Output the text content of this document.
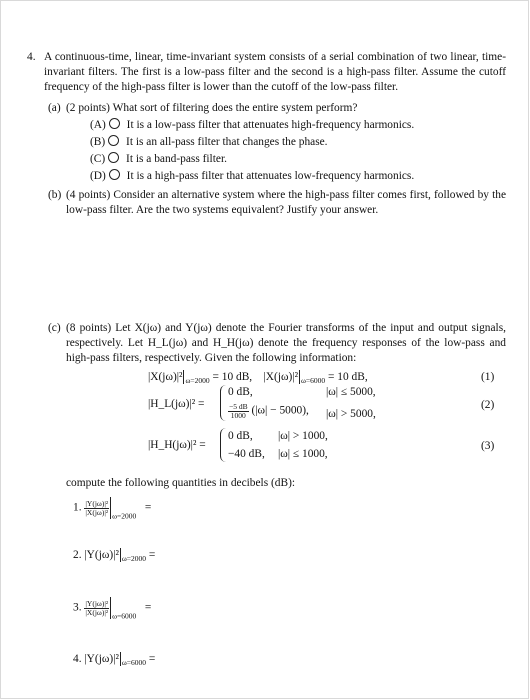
4. A continuous-time, linear, time-invariant system consists of a serial combination of two linear, time-invariant filters. The first is a low-pass filter and the second is a high-pass filter. Assume the cutoff frequency of the high-pass filter is lower than the cutoff of the low-pass filter.
(a) (2 points) What sort of filtering does the entire system perform?
(A) It is a low-pass filter that attenuates high-frequency harmonics.
(B) It is an all-pass filter that changes the phase.
(C) It is a band-pass filter.
(D) It is a high-pass filter that attenuates low-frequency harmonics.
(b) (4 points) Consider an alternative system where the high-pass filter comes first, followed by the low-pass filter. Are the two systems equivalent? Justify your answer.
(c) (8 points) Let X(jω) and Y(jω) denote the Fourier transforms of the input and output signals, respectively. Let H_L(jω) and H_H(jω) denote the frequency responses of the low-pass and high-pass filters, respectively. Given the following information:
|X(jω)|² $_{\omega=2000}$ = 10 dB, |X(jω)|² $_{\omega=6000}$ = 10 dB,	(1)
|H_L(jω)|² =
0 dB,	|ω| ≤ 5000,
$\frac{-5 dB}{1000} (|\omega| - 5000)$, |ω| > 5000,
(2)
|H_H(jω)|² =
0 dB, |ω| > 1000,
−40 dB, |ω| ≤ 1000,
(3)
compute the following quantities in decibels (dB):
1. $\frac{\text{|Y(jω)|²}}{\text{|X(jω)|²}}$
$_{\omega=2000}$   =
2. |Y(jω)|² $_{\omega=2000}$ =
3. $\frac{\text{|Y(jω)|²}}{\text{|X(jω)|²}}$
$_{\omega=6000}$   =
4. |Y(jω)|² $_{\omega=6000}$ =
